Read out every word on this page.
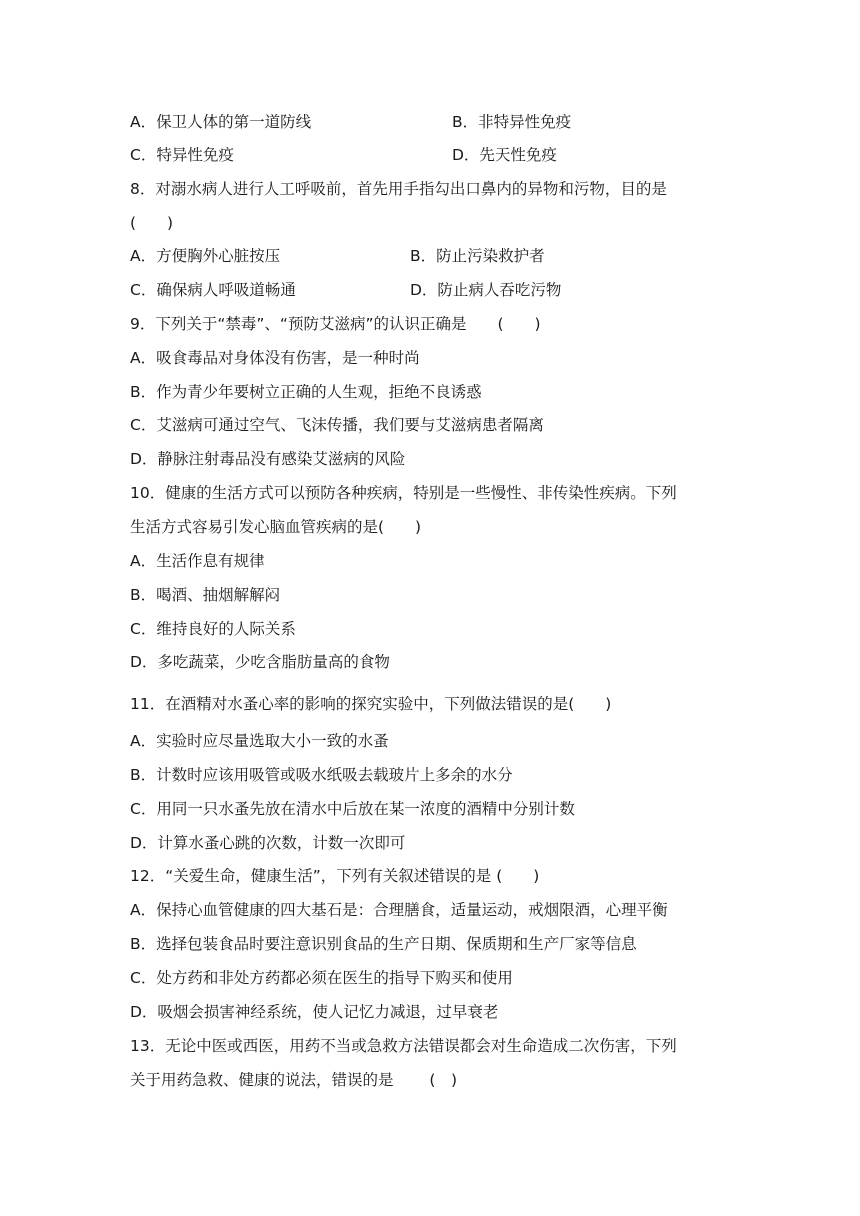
A．保卫人体的第一道防线	B．非特异性免疫
C．特异性免疫	D．先天性免疫
8．对溺水病人进行人工呼吸前，首先用手指勾出口鼻内的异物和污物，目的是
(　　)
A．方便胸外心脏按压	B．防止污染救护者
C．确保病人呼吸道畅通	D．防止病人吞吃污物
9．下列关于“禁毒”、“预防艾滋病”的认识正确是　　(　　)
A．吸食毒品对身体没有伤害，是一种时尚
B．作为青少年要树立正确的人生观，拒绝不良诱惑
C．艾滋病可通过空气、飞沫传播，我们要与艾滋病患者隔离
D．静脉注射毒品没有感染艾滋病的风险
10．健康的生活方式可以预防各种疾病，特别是一些慢性、非传染性疾病。下列
生活方式容易引发心脑血管疾病的是(　　)
A．生活作息有规律
B．喝酒、抽烟解解闷
C．维持良好的人际关系
D．多吃蔬菜，少吃含脂肪量高的食物
11．在酒精对水蚤心率的影响的探究实验中，下列做法错误的是(　　)
A．实验时应尽量选取大小一致的水蚤
B．计数时应该用吸管或吸水纸吸去载玻片上多余的水分
C．用同一只水蚤先放在清水中后放在某一浓度的酒精中分别计数
D．计算水蚤心跳的次数，计数一次即可
12．“关爱生命，健康生活”，下列有关叙述错误的是 (　　)
A．保持心血管健康的四大基石是：合理膳食，适量运动，戒烟限酒，心理平衡
B．选择包装食品时要注意识别食品的生产日期、保质期和生产厂家等信息
C．处方药和非处方药都必须在医生的指导下购买和使用
D．吸烟会损害神经系统，使人记忆力减退，过早衰老
13．无论中医或西医，用药不当或急救方法错误都会对生命造成二次伤害，下列
关于用药急救、健康的说法，错误的是　　 (　)
